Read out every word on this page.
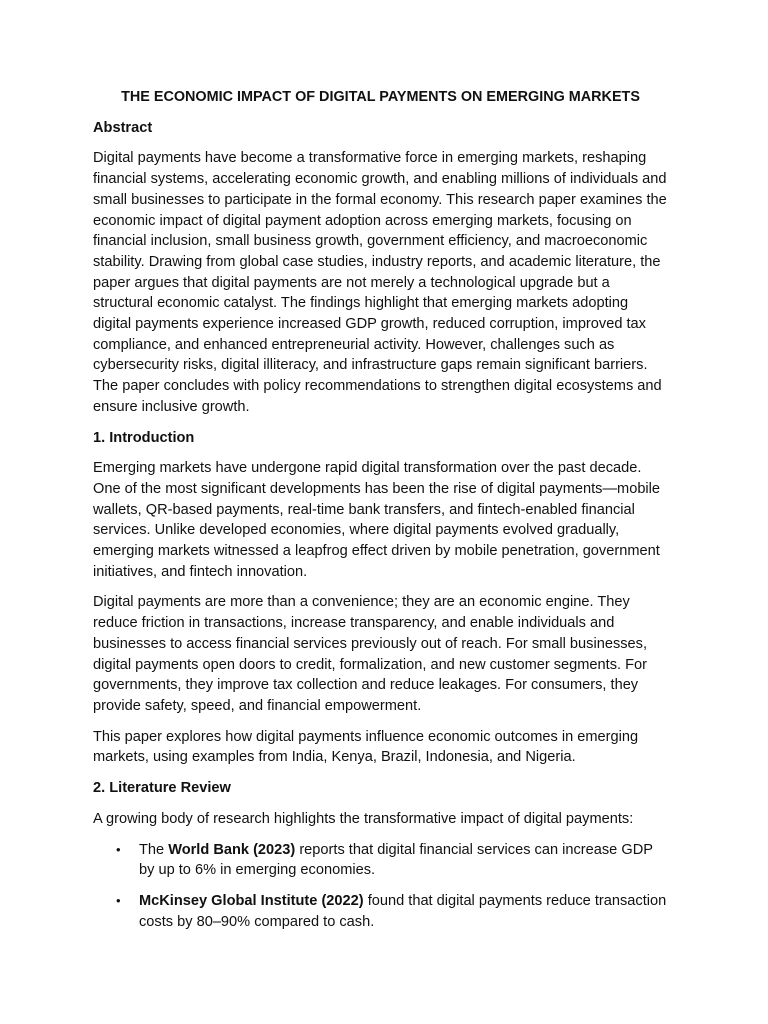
THE ECONOMIC IMPACT OF DIGITAL PAYMENTS ON EMERGING MARKETS
Abstract

Digital payments have become a transformative force in emerging markets, reshaping financial systems, accelerating economic growth, and enabling millions of individuals and small businesses to participate in the formal economy. This research paper examines the economic impact of digital payment adoption across emerging markets, focusing on financial inclusion, small business growth, government efficiency, and macroeconomic stability. Drawing from global case studies, industry reports, and academic literature, the paper argues that digital payments are not merely a technological upgrade but a structural economic catalyst. The findings highlight that emerging markets adopting digital payments experience increased GDP growth, reduced corruption, improved tax compliance, and enhanced entrepreneurial activity. However, challenges such as cybersecurity risks, digital illiteracy, and infrastructure gaps remain significant barriers. The paper concludes with policy recommendations to strengthen digital ecosystems and ensure inclusive growth.

1. Introduction

Emerging markets have undergone rapid digital transformation over the past decade. One of the most significant developments has been the rise of digital payments—mobile wallets, QR-based payments, real-time bank transfers, and fintech-enabled financial services. Unlike developed economies, where digital payments evolved gradually, emerging markets witnessed a leapfrog effect driven by mobile penetration, government initiatives, and fintech innovation.

Digital payments are more than a convenience; they are an economic engine. They reduce friction in transactions, increase transparency, and enable individuals and businesses to access financial services previously out of reach. For small businesses, digital payments open doors to credit, formalization, and new customer segments. For governments, they improve tax collection and reduce leakages. For consumers, they provide safety, speed, and financial empowerment.

This paper explores how digital payments influence economic outcomes in emerging markets, using examples from India, Kenya, Brazil, Indonesia, and Nigeria.

2. Literature Review

A growing body of research highlights the transformative impact of digital payments:

• The World Bank (2023) reports that digital financial services can increase GDP by up to 6% in emerging economies.
• McKinsey Global Institute (2022) found that digital payments reduce transaction costs by 80–90% compared to cash.
